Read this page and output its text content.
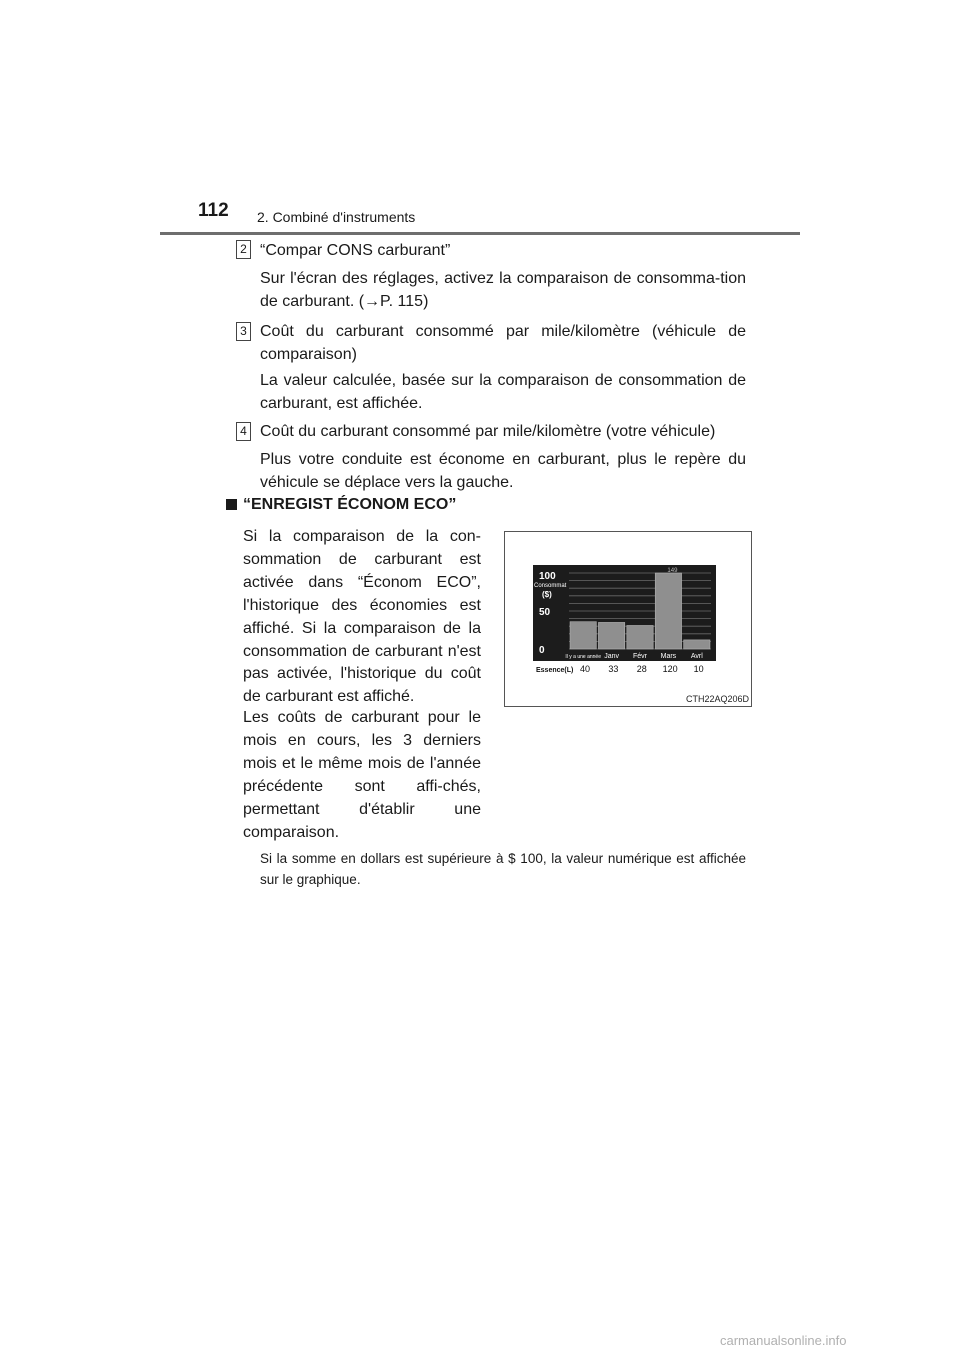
112 2. Combiné d'instruments
2 “Compar CONS carburant”
Sur l'écran des réglages, activez la comparaison de consomma-tion de carburant. (→P. 115)
3 Coût du carburant consommé par mile/kilomètre (véhicule de comparaison)
La valeur calculée, basée sur la comparaison de consommation de carburant, est affichée.
4 Coût du carburant consommé par mile/kilomètre (votre véhicule)
Plus votre conduite est économe en carburant, plus le repère du véhicule se déplace vers la gauche.
“ENREGIST ÉCONOM ECO”
Si la comparaison de la con-sommation de carburant est activée dans “Économ ECO”, l'historique des économies est affiché. Si la comparaison de la consommation de carburant n'est pas activée, l'historique du coût de carburant est affiché.
Les coûts de carburant pour le mois en cours, les 3 derniers mois et le même mois de l'année précédente sont affi-chés, permettant d'établir une comparaison.
Si la somme en dollars est supérieure à $ 100, la valeur numérique est affichée sur le graphique.
0
50
100
Consommat
($)
149
Il y a une année Janv Févr Mars Avrl
Essence(L) 40 33 28 120 10
CTH22AQ206D
carmanualsonline.info
